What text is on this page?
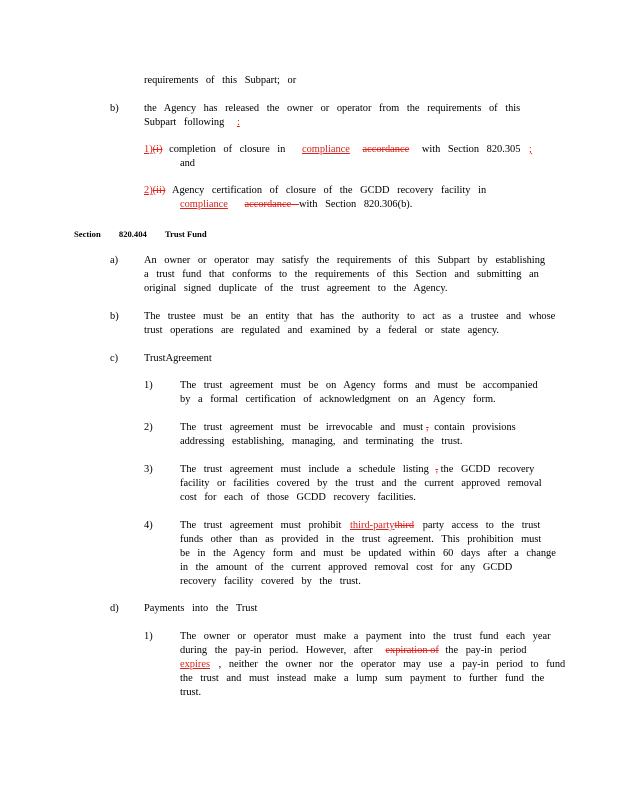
requirements of this Subpart; or
b) the Agency has released the owner or operator from the requirements of this
Subpart following :
1)(i) completion of closure in compliance accordance with Section 820.305 ;
and
2)(ii) Agency certification of closure of the GCDD recovery facility in
compliance accordance with Section 820.306(b).
Section 820.404 Trust Fund
a) An owner or operator may satisfy the requirements of this Subpart by establishing
a trust fund that conforms to the requirements of this Section and submitting an
original signed duplicate of the trust agreement to the Agency.
b) The trustee must be an entity that has the authority to act as a trustee and whose
trust operations are regulated and examined by a federal or state agency.
c) TrustAgreement
1)	The trust agreement must be on Agency forms and must be accompanied
by a formal certification of acknowledgment on an Agency form.
2)	The trust agreement must be irrevocable and must , contain provisions
addressing establishing, managing, and terminating the trust.
3)	The trust agreement must include a schedule listing , the GCDD recovery
facility or facilities covered by the trust and the current approved removal
cost for each of those GCDD recovery facilities.
4)	The trust agreement must prohibit third-partythird party access to the trust
funds other than as provided in the trust agreement. This prohibition must
be in the Agency form and must be updated within 60 days after a change
in the amount of the current approved removal cost for any GCDD
recovery facility covered by the trust.
d) Payments into the Trust
1)	The owner or operator must make a payment into the trust fund each year
during the pay-in period. However, after expiration of the pay-in period
expires , neither the owner nor the operator may use a pay-in period to fund
the trust and must instead make a lump sum payment to further fund the
trust.
